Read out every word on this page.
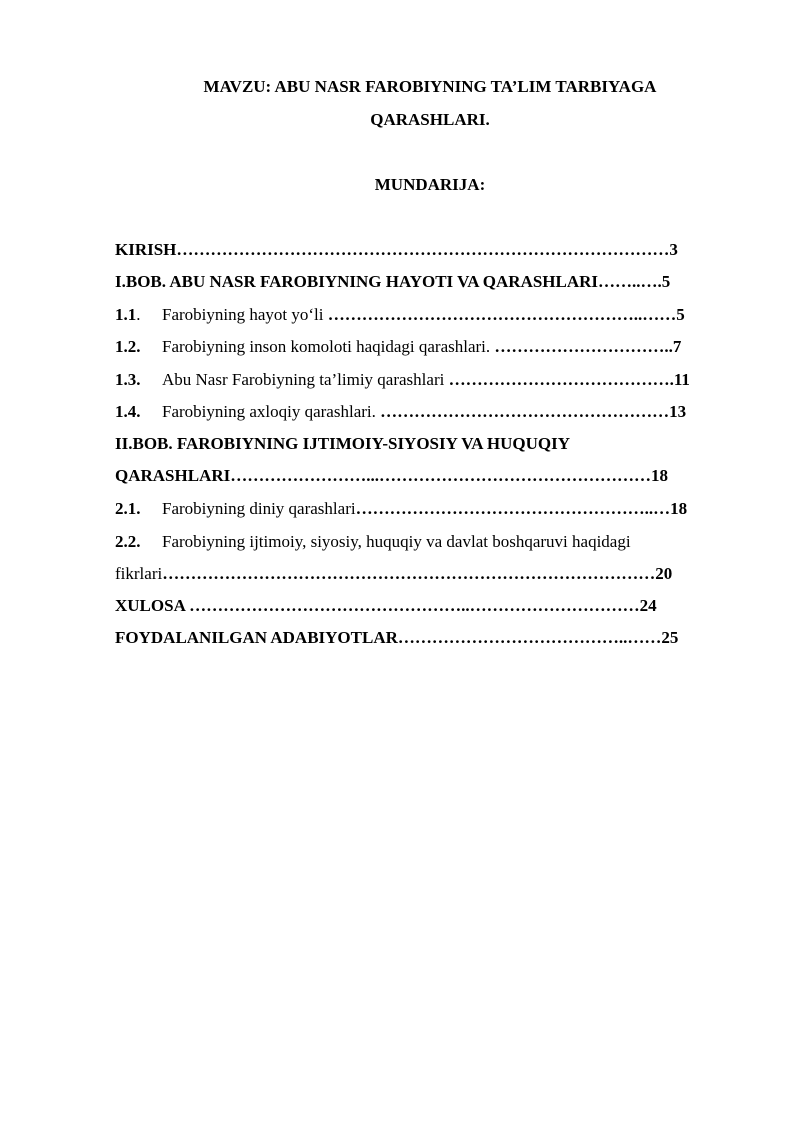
MAVZU: ABU NASR FAROBIYNING TA’LIM TARBIYAGA
QARASHLARI.
MUNDARIJA:
KIRISH……………………………………………………………………………3
I.BOB. ABU NASR FAROBIYNING HAYOTI VA QARASHLARI……..….5
1.1. Farobiyning hayot yo‘li ………………………………………………..……5
1.2. Farobiyning inson komoloti haqidagi qarashlari. …………………………..7
1.3. Abu Nasr Farobiyning ta’limiy qarashlari ………………………………….11
1.4. Farobiyning axloqiy qarashlari. ……………………………………………13
II.BOB. FAROBIYNING IJTIMOIY-SIYOSIY VA HUQUQIY
QARASHLARI……………………...…………………………………………18
2.1. Farobiyning diniy qarashlari……………………………………………..…18
2.2. Farobiyning ijtimoiy, siyosiy, huquqiy va davlat boshqaruvi haqidagi
fikrlari……………………………………………………………………………20
XULOSA …………………………………………..…………………………24
FOYDALANILGAN ADABIYOTLAR…………………………………..……25
